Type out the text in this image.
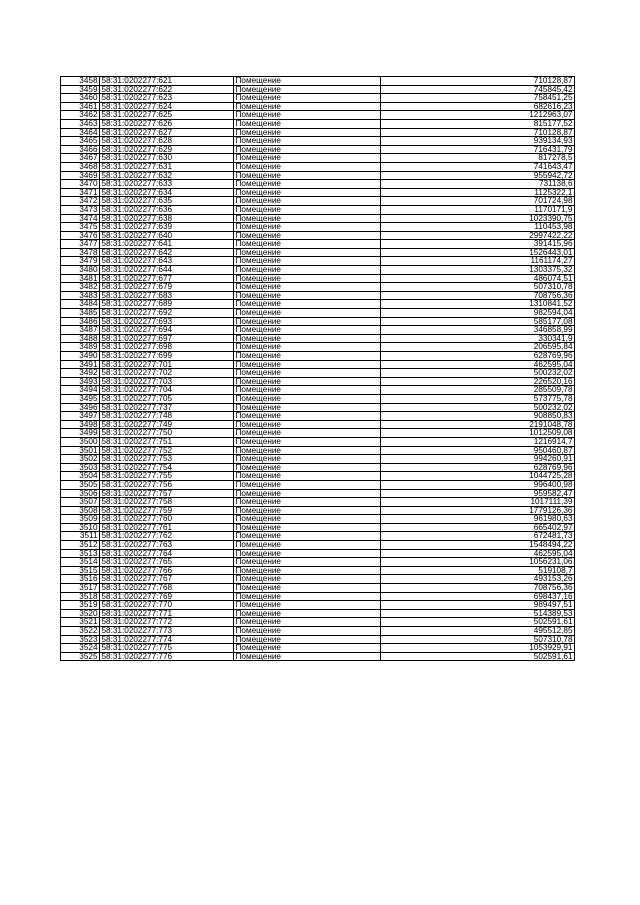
3458	58:31:0202277:621	Помещение	710128,87
3459	58:31:0202277:622	Помещение	745845,42
3460	58:31:0202277:623	Помещение	758451,25
3461	58:31:0202277:624	Помещение	682616,23
3462	58:31:0202277:625	Помещение	1212963,07
3463	58:31:0202277:626	Помещение	815177,52
3464	58:31:0202277:627	Помещение	710128,87
3465	58:31:0202277:628	Помещение	939134,93
3466	58:31:0202277:629	Помещение	716431,79
3467	58:31:0202277:630	Помещение	817278,5
3468	58:31:0202277:631	Помещение	741643,47
3469	58:31:0202277:632	Помещение	955942,72
3470	58:31:0202277:633	Помещение	731138,6
3471	58:31:0202277:634	Помещение	1125322,1
3472	58:31:0202277:635	Помещение	701724,98
3473	58:31:0202277:636	Помещение	1170171,9
3474	58:31:0202277:638	Помещение	1023390,75
3475	58:31:0202277:639	Помещение	110453,98
3476	58:31:0202277:640	Помещение	2997422,22
3477	58:31:0202277:641	Помещение	391415,96
3478	58:31:0202277:642	Помещение	1526443,01
3479	58:31:0202277:643	Помещение	1161174,27
3480	58:31:0202277:644	Помещение	1303375,32
3481	58:31:0202277:677	Помещение	486074,51
3482	58:31:0202277:679	Помещение	507310,78
3483	58:31:0202277:683	Помещение	708756,36
3484	58:31:0202277:689	Помещение	1310841,52
3485	58:31:0202277:692	Помещение	982594,04
3486	58:31:0202277:693	Помещение	585177,08
3487	58:31:0202277:694	Помещение	346858,99
3488	58:31:0202277:697	Помещение	330341,9
3489	58:31:0202277:698	Помещение	206595,84
3490	58:31:0202277:699	Помещение	628769,96
3491	58:31:0202277:701	Помещение	462595,04
3492	58:31:0202277:702	Помещение	500232,02
3493	58:31:0202277:703	Помещение	226520,16
3494	58:31:0202277:704	Помещение	285509,78
3495	58:31:0202277:705	Помещение	573775,78
3496	58:31:0202277:737	Помещение	500232,02
3497	58:31:0202277:748	Помещение	908850,83
3498	58:31:0202277:749	Помещение	2191048,78
3499	58:31:0202277:750	Помещение	1012509,08
3500	58:31:0202277:751	Помещение	1216914,7
3501	58:31:0202277:752	Помещение	950460,87
3502	58:31:0202277:753	Помещение	994260,91
3503	58:31:0202277:754	Помещение	628769,96
3504	58:31:0202277:755	Помещение	1044725,28
3505	58:31:0202277:756	Помещение	996400,98
3506	58:31:0202277:757	Помещение	959582,47
3507	58:31:0202277:758	Помещение	1017111,39
3508	58:31:0202277:759	Помещение	1779126,36
3509	58:31:0202277:760	Помещение	961980,63
3510	58:31:0202277:761	Помещение	665402,97
3511	58:31:0202277:762	Помещение	672481,73
3512	58:31:0202277:763	Помещение	1548494,22
3513	58:31:0202277:764	Помещение	462595,04
3514	58:31:0202277:765	Помещение	1056231,06
3515	58:31:0202277:766	Помещение	519108,7
3516	58:31:0202277:767	Помещение	493153,26
3517	58:31:0202277:768	Помещение	708756,36
3518	58:31:0202277:769	Помещение	698437,16
3519	58:31:0202277:770	Помещение	989497,51
3520	58:31:0202277:771	Помещение	514389,53
3521	58:31:0202277:772	Помещение	502591,61
3522	58:31:0202277:773	Помещение	495512,85
3523	58:31:0202277:774	Помещение	507310,78
3524	58:31:0202277:775	Помещение	1053929,91
3525	58:31:0202277:776	Помещение	502591,61
